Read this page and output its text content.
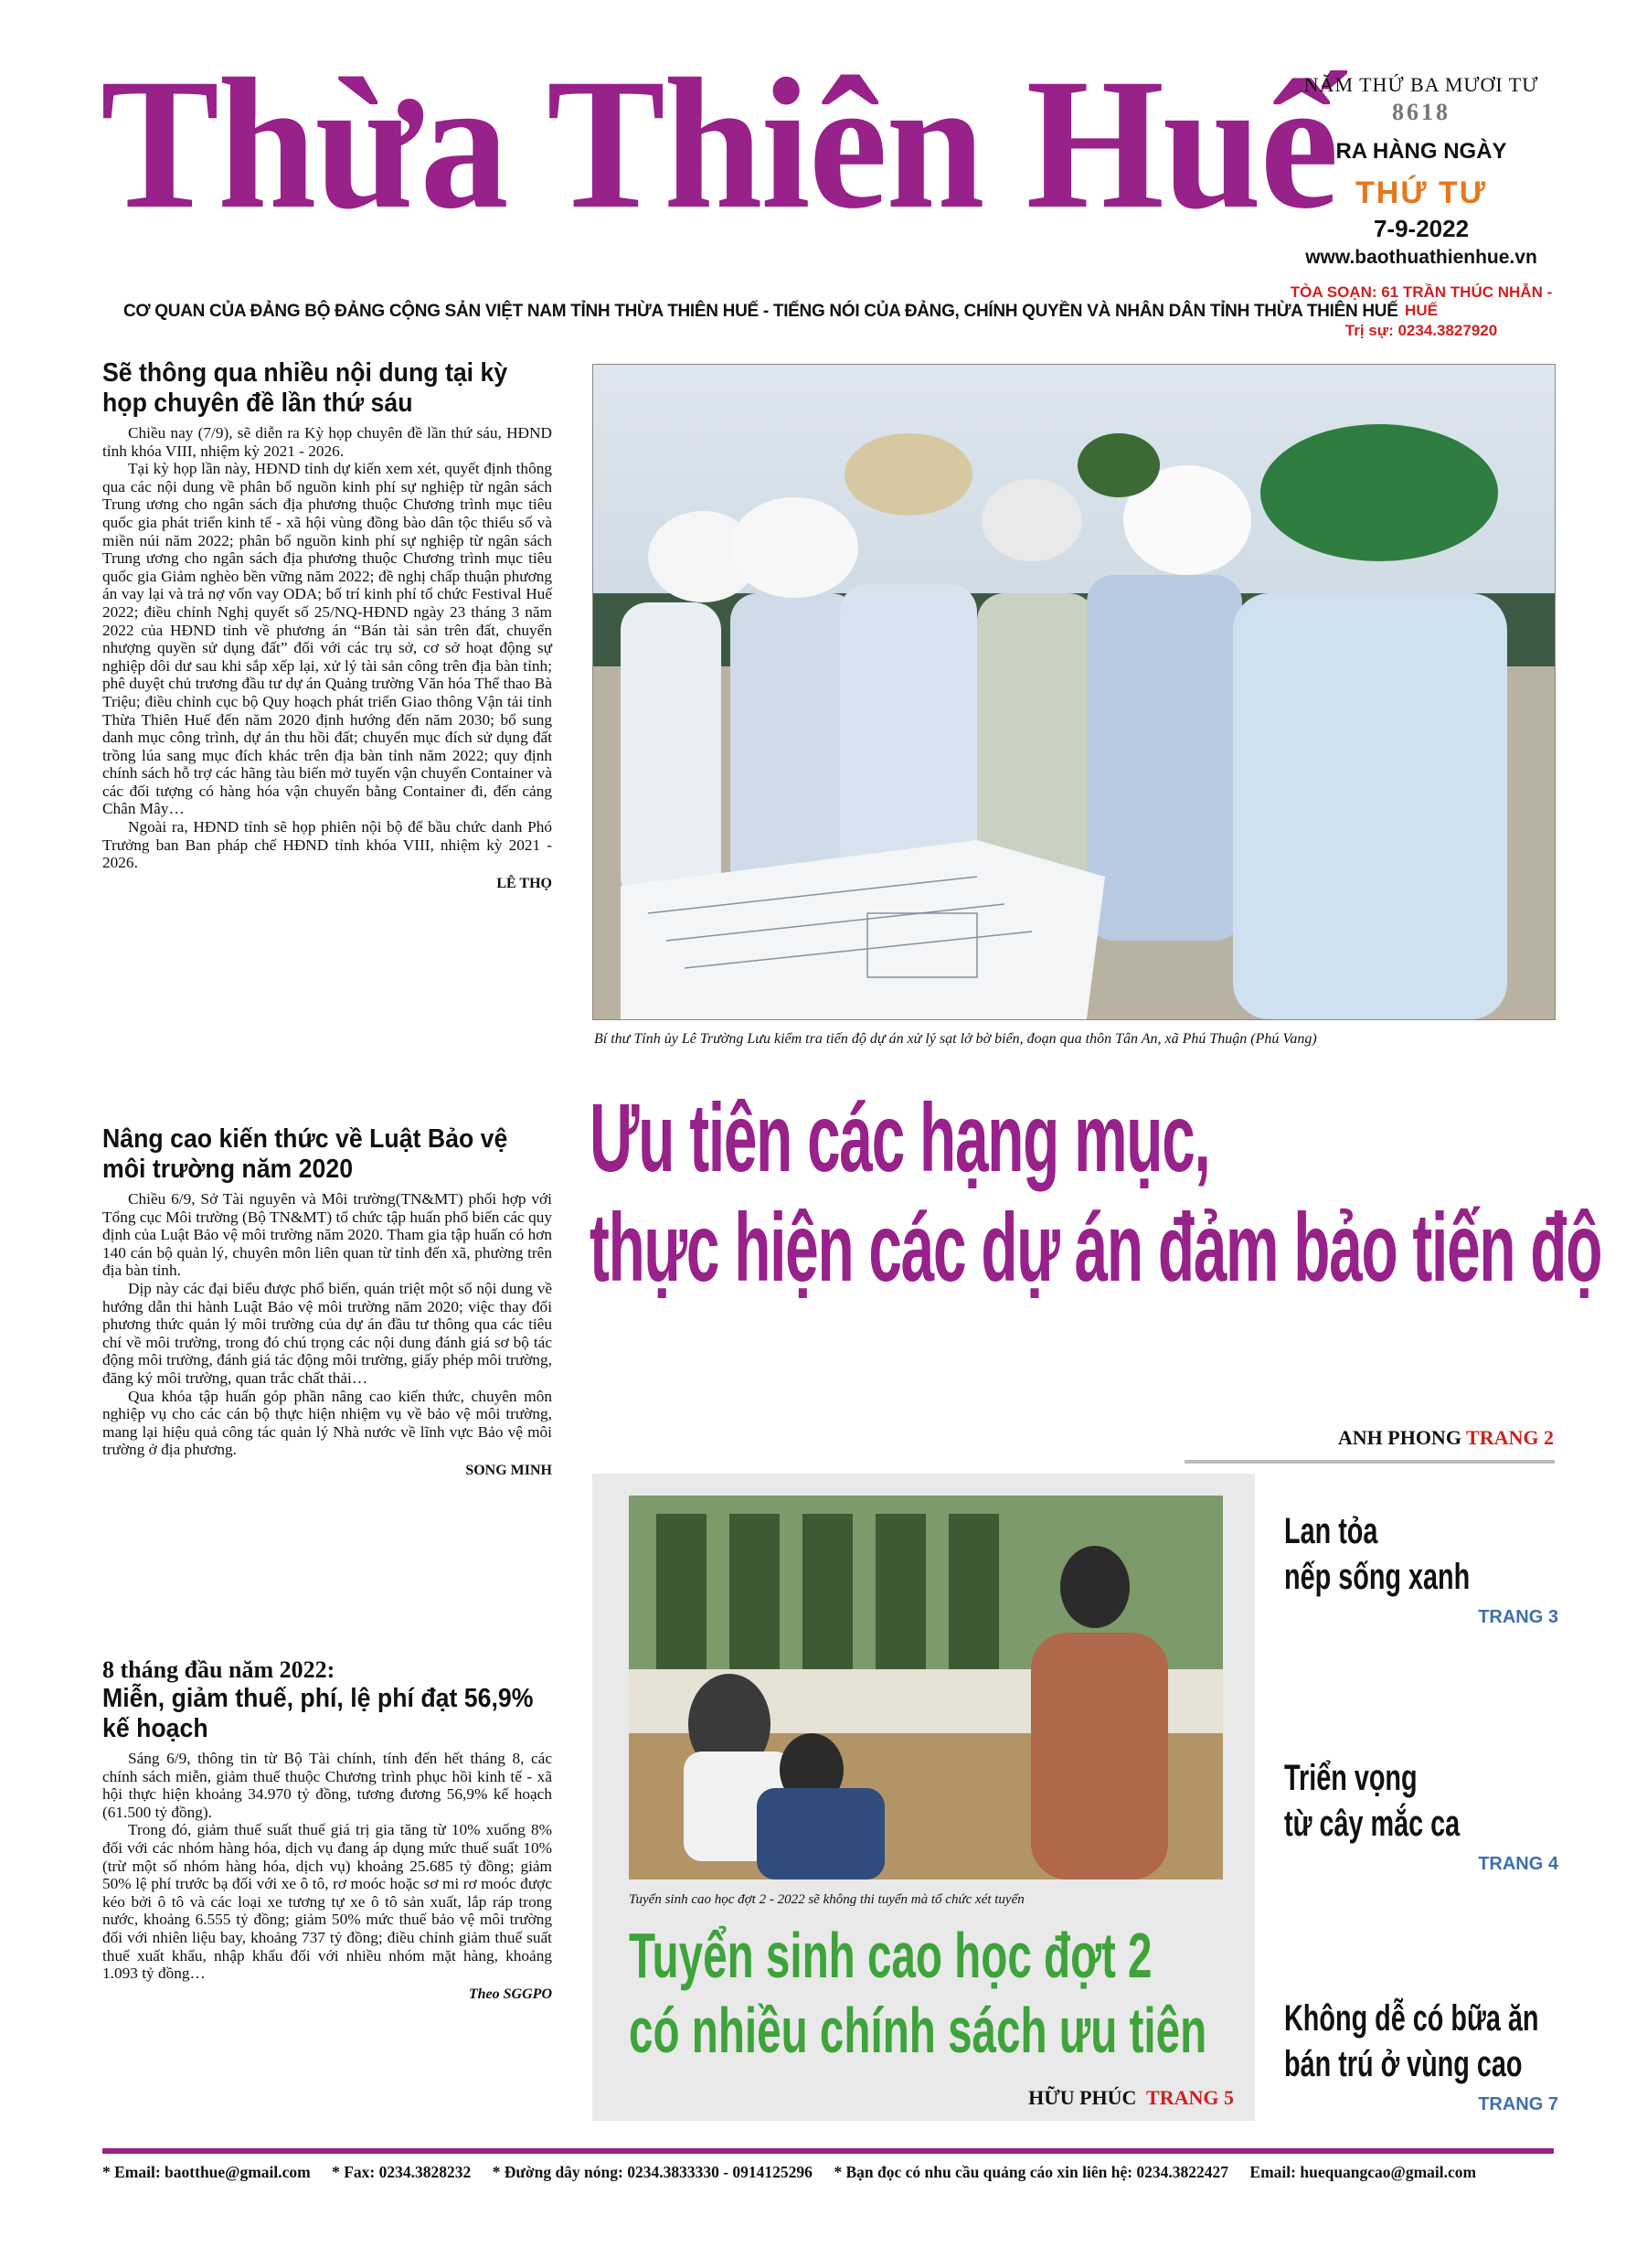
Thừa Thiên Huế
CƠ QUAN CỦA ĐẢNG BỘ ĐẢNG CỘNG SẢN VIỆT NAM TỈNH THỪA THIÊN HUẾ - TIẾNG NÓI CỦA ĐẢNG, CHÍNH QUYỀN VÀ NHÂN DÂN TỈNH THỪA THIÊN HUẾ
NĂM THỨ BA MƯƠI TƯ
8618
RA HÀNG NGÀY
THỨ TƯ
7-9-2022
www.baothuathienhue.vn
TÒA SOẠN: 61 TRẦN THÚC NHẪN - HUẾ
Trị sự: 0234.3827920
Sẽ thông qua nhiều nội dung tại kỳ họp chuyên đề lần thứ sáu

Chiều nay (7/9), sẽ diễn ra Kỳ họp chuyên đề lần thứ sáu, HĐND tỉnh khóa VIII, nhiệm kỳ 2021 - 2026.

Tại kỳ họp lần này, HĐND tỉnh dự kiến xem xét, quyết định thông qua các nội dung về phân bổ nguồn kinh phí sự nghiệp từ ngân sách Trung ương cho ngân sách địa phương thuộc Chương trình mục tiêu quốc gia phát triển kinh tế - xã hội vùng đồng bào dân tộc thiểu số và miền núi năm 2022; phân bổ nguồn kinh phí sự nghiệp từ ngân sách Trung ương cho ngân sách địa phương thuộc Chương trình mục tiêu quốc gia Giảm nghèo bền vững năm 2022; đề nghị chấp thuận phương án vay lại và trả nợ vốn vay ODA; bố trí kinh phí tổ chức Festival Huế 2022; điều chỉnh Nghị quyết số 25/NQ-HĐND ngày 23 tháng 3 năm 2022 của HĐND tỉnh về phương án “Bán tài sản trên đất, chuyển nhượng quyền sử dụng đất” đối với các trụ sở, cơ sở hoạt động sự nghiệp dôi dư sau khi sắp xếp lại, xử lý tài sản công trên địa bàn tỉnh; phê duyệt chủ trương đầu tư dự án Quảng trường Văn hóa Thể thao Bà Triệu; điều chỉnh cục bộ Quy hoạch phát triển Giao thông Vận tải tỉnh Thừa Thiên Huế đến năm 2020 định hướng đến năm 2030; bổ sung danh mục công trình, dự án thu hồi đất; chuyển mục đích sử dụng đất trồng lúa sang mục đích khác trên địa bàn tỉnh năm 2022; quy định chính sách hỗ trợ các hãng tàu biển mở tuyến vận chuyển Container và các đối tượng có hàng hóa vận chuyển bằng Container đi, đến cảng Chân Mây…

Ngoài ra, HĐND tỉnh sẽ họp phiên nội bộ để bầu chức danh Phó Trưởng ban Ban pháp chế HĐND tỉnh khóa VIII, nhiệm kỳ 2021 - 2026.

LÊ THỌ
Nâng cao kiến thức về Luật Bảo vệ môi trường năm 2020

Chiều 6/9, Sở Tài nguyên và Môi trường(TN&MT) phối hợp với Tổng cục Môi trường (Bộ TN&MT) tổ chức tập huấn phổ biến các quy định của Luật Bảo vệ môi trường năm 2020. Tham gia tập huấn có hơn 140 cán bộ quản lý, chuyên môn liên quan từ tỉnh đến xã, phường trên địa bàn tỉnh.

Dịp này các đại biểu được phổ biến, quán triệt một số nội dung về hướng dẫn thi hành Luật Bảo vệ môi trường năm 2020; việc thay đổi phương thức quản lý môi trường của dự án đầu tư thông qua các tiêu chí về môi trường, trong đó chú trọng các nội dung đánh giá sơ bộ tác động môi trường, đánh giá tác động môi trường, giấy phép môi trường, đăng ký môi trường, quan trắc chất thải…

Qua khóa tập huấn góp phần nâng cao kiến thức, chuyên môn nghiệp vụ cho các cán bộ thực hiện nhiệm vụ về bảo vệ môi trường, mang lại hiệu quả công tác quản lý Nhà nước về lĩnh vực Bảo vệ môi trường ở địa phương.

SONG MINH
8 tháng đầu năm 2022:
Miễn, giảm thuế, phí, lệ phí đạt 56,9% kế hoạch

Sáng 6/9, thông tin từ Bộ Tài chính, tính đến hết tháng 8, các chính sách miễn, giảm thuế thuộc Chương trình phục hồi kinh tế - xã hội thực hiện khoảng 34.970 tỷ đồng, tương đương 56,9% kế hoạch (61.500 tỷ đồng).

Trong đó, giảm thuế suất thuế giá trị gia tăng từ 10% xuống 8% đối với các nhóm hàng hóa, dịch vụ đang áp dụng mức thuế suất 10% (trừ một số nhóm hàng hóa, dịch vụ) khoảng 25.685 tỷ đồng; giảm 50% lệ phí trước bạ đối với xe ô tô, rơ moóc hoặc sơ mi rơ moóc được kéo bởi ô tô và các loại xe tương tự xe ô tô sản xuất, lắp ráp trong nước, khoảng 6.555 tỷ đồng; giảm 50% mức thuế bảo vệ môi trường đối với nhiên liệu bay, khoảng 737 tỷ đồng; điều chỉnh giảm thuế suất thuế xuất khẩu, nhập khẩu đối với nhiều nhóm mặt hàng, khoảng 1.093 tỷ đồng…

Theo SGGPO
Bí thư Tỉnh ủy Lê Trường Lưu kiểm tra tiến độ dự án xử lý sạt lở bờ biển, đoạn qua thôn Tân An, xã Phú Thuận (Phú Vang)
Ưu tiên các hạng mục,
thực hiện các dự án đảm bảo tiến độ
ANH PHONG TRANG 2
Tuyển sinh cao học đợt 2 - 2022 sẽ không thi tuyển mà tổ chức xét tuyển
Tuyển sinh cao học đợt 2
có nhiều chính sách ưu tiên
HỮU PHÚC TRANG 5
Lan tỏa
nếp sống xanh
TRANG 3
Triển vọng
từ cây mắc ca
TRANG 4
Không dễ có bữa ăn
bán trú ở vùng cao
TRANG 7
* Email: baotthue@gmail.com * Fax: 0234.3828232 * Đường dây nóng: 0234.3833330 - 0914125296 * Bạn đọc có nhu cầu quảng cáo xin liên hệ: 0234.3822427 Email: huequangcao@gmail.com
